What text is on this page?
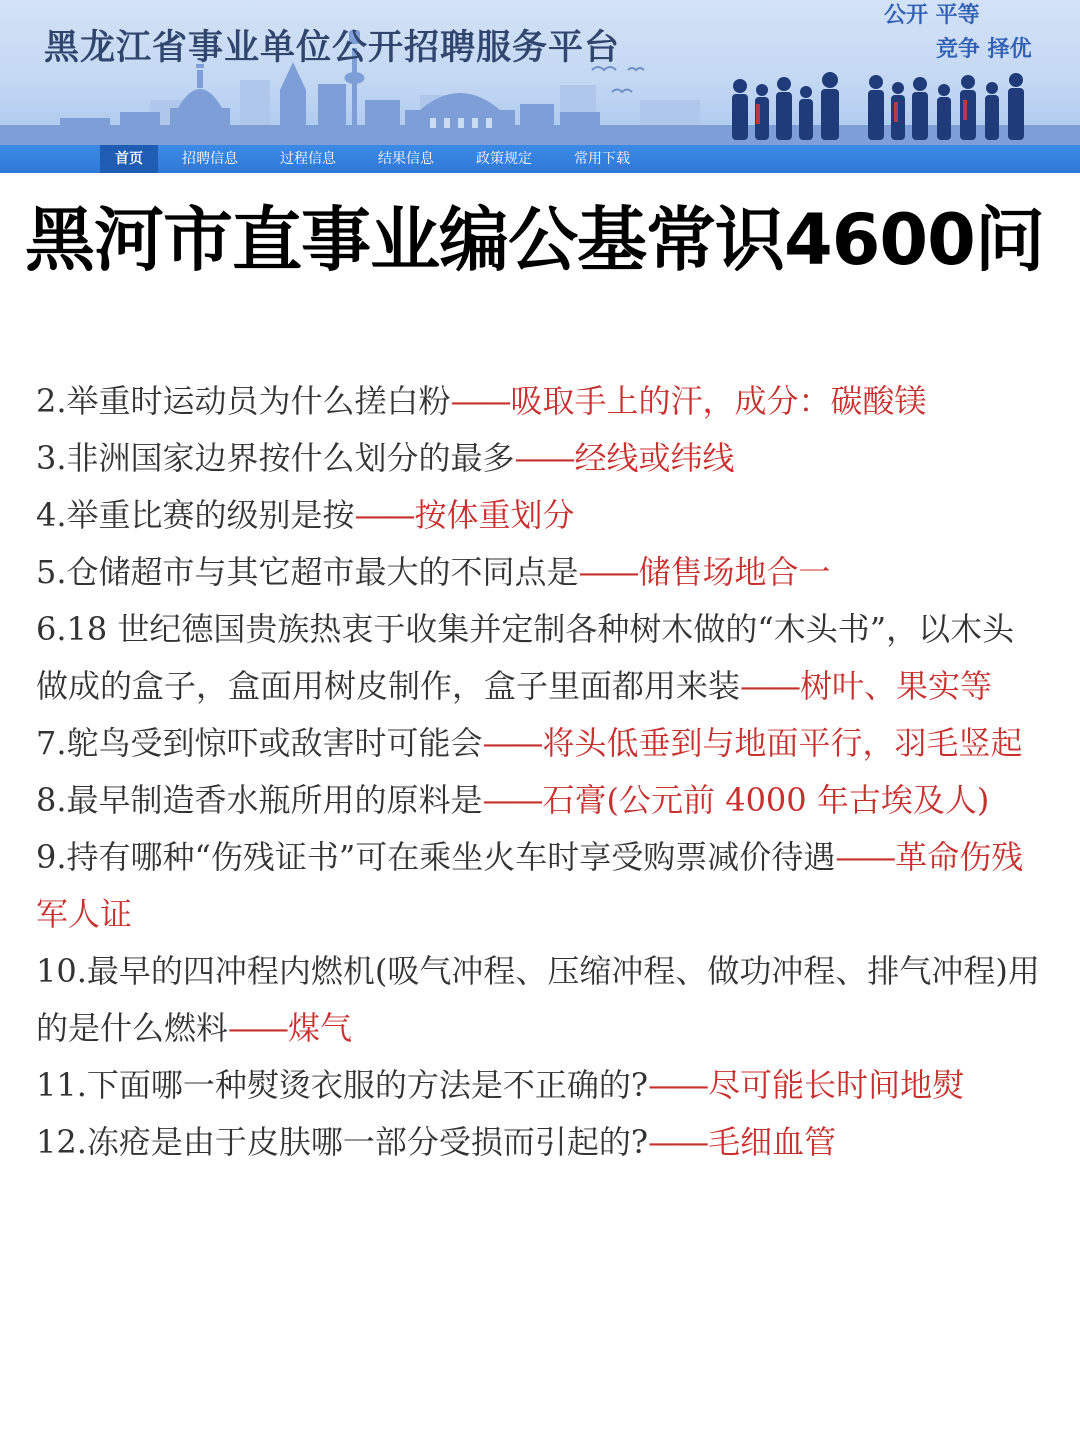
黑龙江省事业单位公开招聘服务平台
公开 平等
竞争 择优
首页	招聘信息	过程信息	结果信息	政策规定	常用下载
黑河市直事业编公基常识4600问

2.举重时运动员为什么搓白粉 —— 吸取手上的汗，成分：碳酸镁

3.非洲国家边界按什么划分的最多 —— 经线或纬线

4.举重比赛的级别是按 —— 按体重划分

5.仓储超市与其它超市最大的不同点是 —— 储售场地合一

6.18 世纪德国贵族热衷于收集并定制各种树木做的“木头书”，以木头做成的盒子，盒面用树皮制作，盒子里面都用来装 —— 树叶、果实等

7.鸵鸟受到惊吓或敌害时可能会 —— 将头低垂到与地面平行，羽毛竖起

8.最早制造香水瓶所用的原料是 —— 石膏(公元前 4000 年古埃及人)

9.持有哪种“伤残证书”可在乘坐火车时享受购票减价待遇 —— 革命伤残军人证

10.最早的四冲程内燃机(吸气冲程、压缩冲程、做功冲程、排气冲程)用的是什么燃料 —— 煤气

11.下面哪一种熨烫衣服的方法是不正确的? —— 尽可能长时间地熨

12.冻疮是由于皮肤哪一部分受损而引起的? —— 毛细血管
